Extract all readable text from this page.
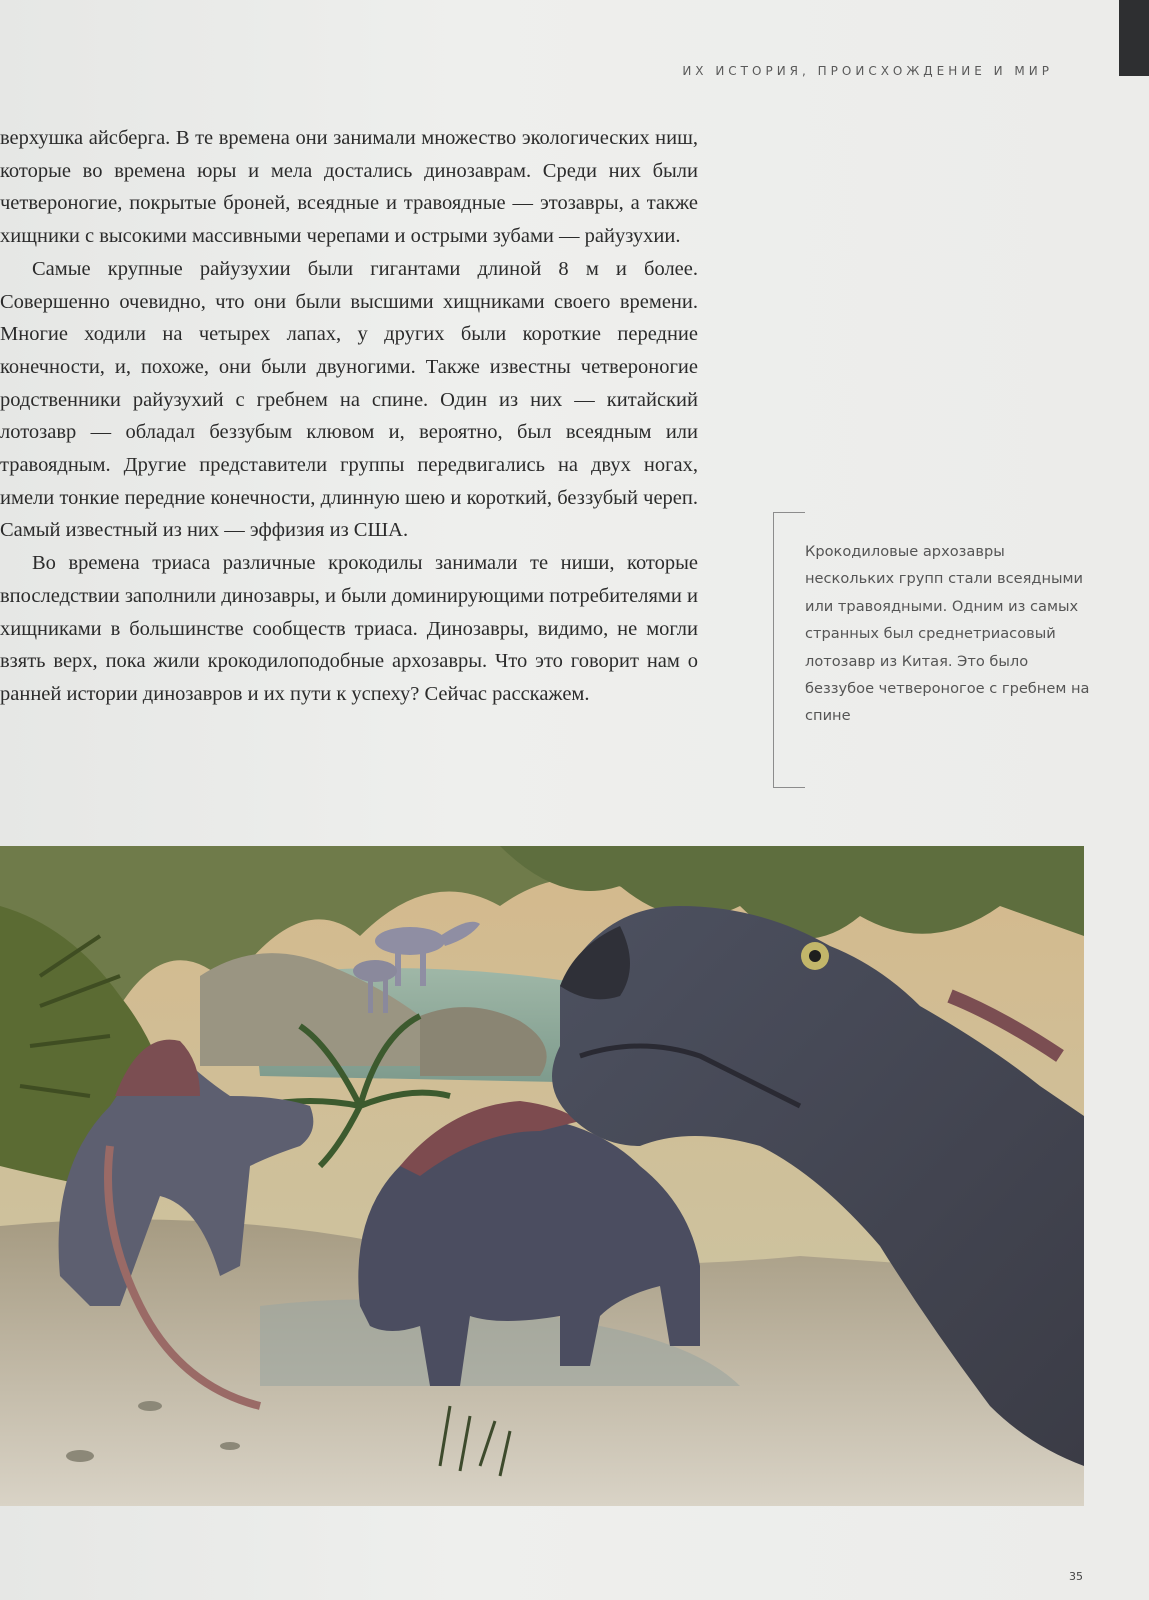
ИХ ИСТОРИЯ, ПРОИСХОЖДЕНИЕ И МИР

верхушка айсберга. В те времена они занимали множество экологических ниш, которые во времена юры и мела достались динозаврам. Среди них были четвероногие, покрытые броней, всеядные и травоядные — этозавры, а также хищники с высокими массивными черепами и острыми зубами — райузухии.

Самые крупные райузухии были гигантами длиной 8 м и более. Совершенно очевидно, что они были высшими хищниками своего времени. Многие ходили на четырех лапах, у других были короткие передние конечности, и, похоже, они были двуногими. Также известны четвероногие родственники райузухий с гребнем на спине. Один из них — китайский лотозавр — обладал беззубым клювом и, вероятно, был всеядным или травоядным. Другие представители группы передвигались на двух ногах, имели тонкие передние конечности, длинную шею и короткий, беззубый череп. Самый известный из них — эффизия из США.

Во времена триаса различные крокодилы занимали те ниши, которые впоследствии заполнили динозавры, и были доминирующими потребителями и хищниками в большинстве сообществ триаса. Динозавры, видимо, не могли взять верх, пока жили крокодилоподобные архозавры. Что это говорит нам о ранней истории динозавров и их пути к успеху? Сейчас расскажем.

Крокодиловые архозавры нескольких групп стали всеядными или травоядными. Одним из самых странных был среднетриасовый лотозавр из Китая. Это было беззубое четвероногое с гребнем на спине
35
